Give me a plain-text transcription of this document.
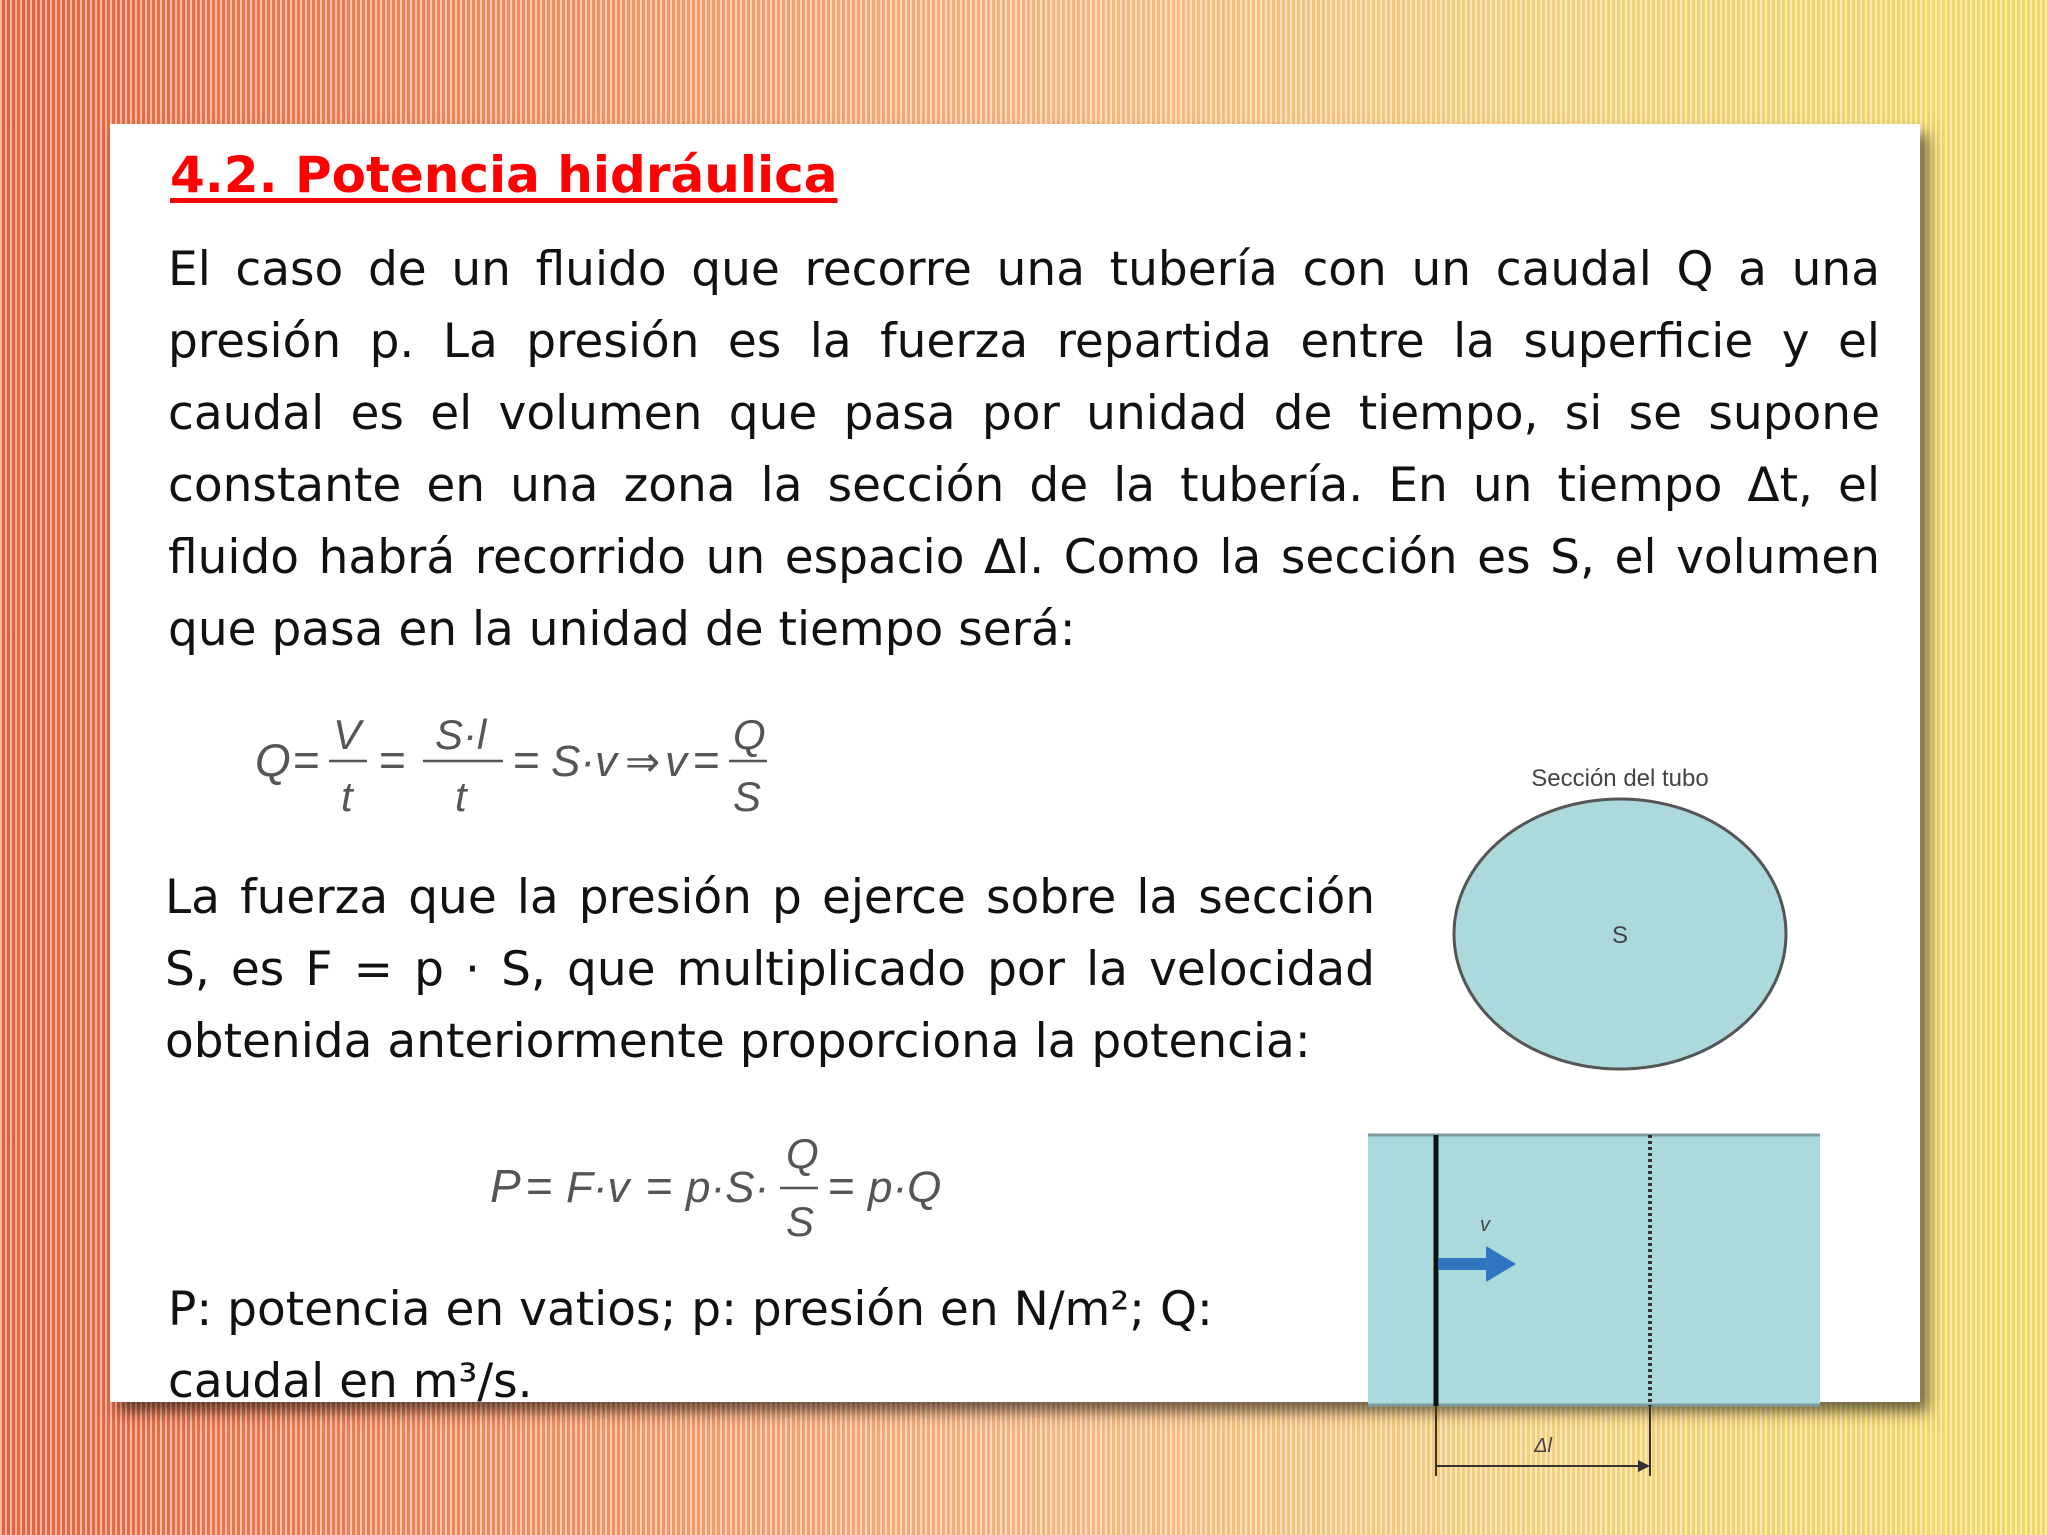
4.2. Potencia hidráulica

El caso de un fluido que recorre una tubería con un caudal Q a una presión p. La presión es la fuerza repartida entre la superficie y el caudal es el volumen que pasa por unidad de tiempo, si se supone constante en una zona la sección de la tubería. En un tiempo Δt, el fluido habrá recorrido un espacio Δl. Como la sección es S, el volumen que pasa en la unidad de tiempo será:

Q = V
t
= S·l
t
= S·v ⇒ v = Q
S

La fuerza que la presión p ejerce sobre la sección S, es F = p · S, que multiplicado por la velocidad obtenida anteriormente proporciona la potencia:

P = F·v = p·S·
Q
S
= p·Q

P: potencia en vatios; p: presión en N/m²; Q: caudal en m³/s.

Sección del tubo
S
v
Δl
